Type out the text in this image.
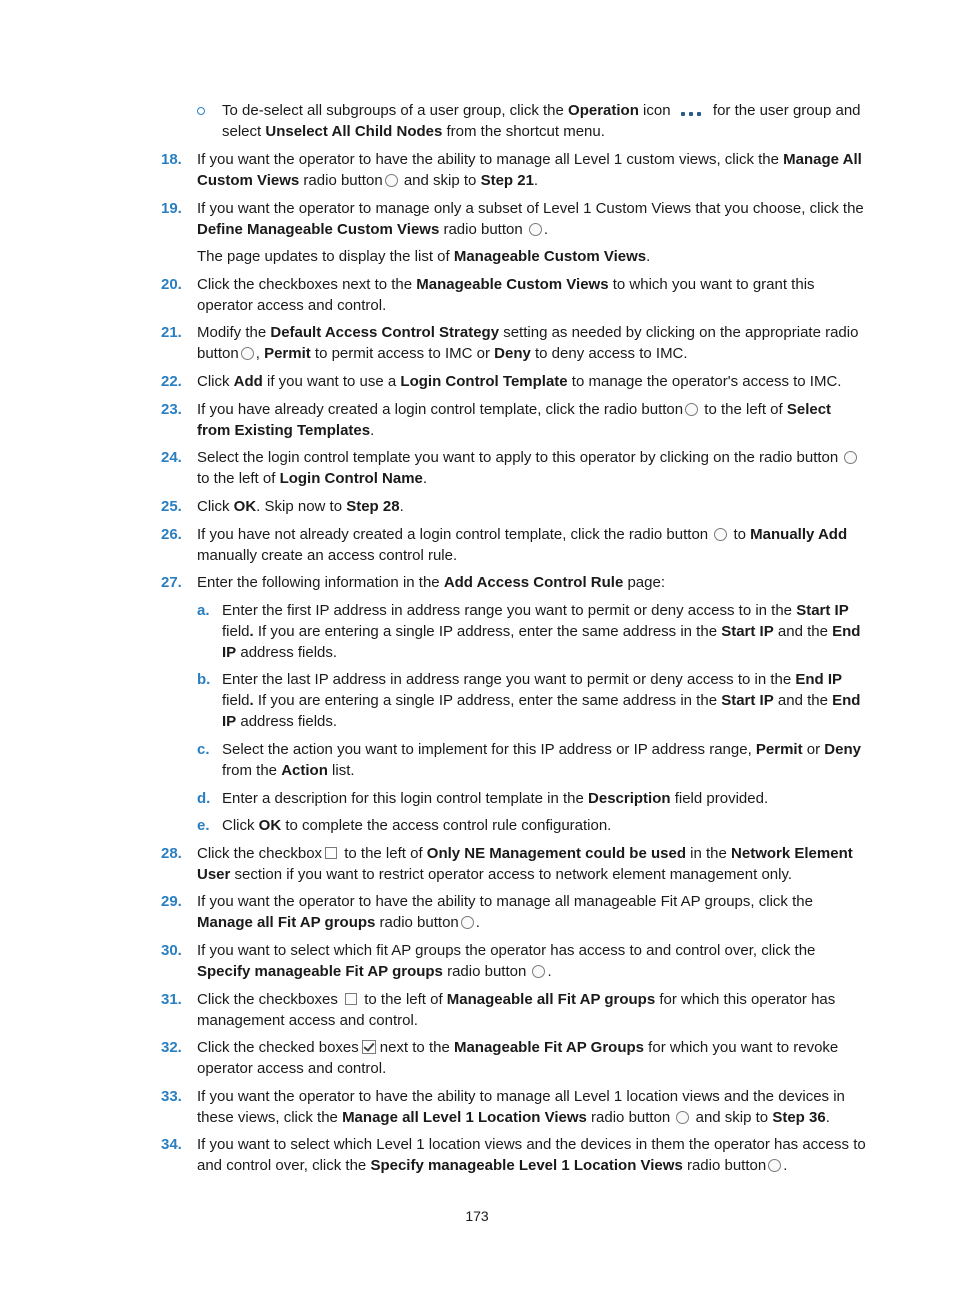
To de-select all subgroups of a user group, click the Operation icon
for the user group and select Unselect All Child Nodes from the shortcut menu.
18.	If you want the operator to have the ability to manage all Level 1 custom views, click the Manage All Custom Views radio button and skip to Step 21.
19.	If you want the operator to manage only a subset of Level 1 Custom Views that you choose, click the Define Manageable Custom Views radio button .
The page updates to display the list of Manageable Custom Views.
20.	Click the checkboxes next to the Manageable Custom Views to which you want to grant this operator access and control.
21.	Modify the Default Access Control Strategy setting as needed by clicking on the appropriate radio button , Permit to permit access to IMC or Deny to deny access to IMC.
22.	Click Add if you want to use a Login Control Template to manage the operator's access to IMC.
23.	If you have already created a login control template, click the radio button to the left of Select from Existing Templates.
24.	Select the login control template you want to apply to this operator by clicking on the radio button  to the left of Login Control Name.
25.	Click OK. Skip now to Step 28.
26.	If you have not already created a login control template, click the radio button  to Manually Add manually create an access control rule.
27.	Enter the following information in the Add Access Control Rule page:
a. Enter the first IP address in address range you want to permit or deny access to in the Start IP field. If you are entering a single IP address, enter the same address in the Start IP and the End IP address fields.
b. Enter the last IP address in address range you want to permit or deny access to in the End IP field. If you are entering a single IP address, enter the same address in the Start IP and the End IP address fields.
c. Select the action you want to implement for this IP address or IP address range, Permit or Deny from the Action list.
d. Enter a description for this login control template in the Description field provided.
e. Click OK to complete the access control rule configuration.
28.	Click the checkbox to the left of Only NE Management could be used in the Network Element User section if you want to restrict operator access to network element management only.
29.	If you want the operator to have the ability to manage all manageable Fit AP groups, click the Manage all Fit AP groups radio button .
30.	If you want to select which fit AP groups the operator has access to and control over, click the Specify manageable Fit AP groups radio button .
31.	Click the checkboxes  to the left of Manageable all Fit AP groups for which this operator has management access and control.
32.	Click the checked boxes next to the Manageable Fit AP Groups for which you want to revoke operator access and control.
33.	If you want the operator to have the ability to manage all Level 1 location views and the devices in these views, click the Manage all Level 1 Location Views radio button  and skip to Step 36.
34.	If you want to select which Level 1 location views and the devices in them the operator has access to and control over, click the Specify manageable Level 1 Location Views radio button .
173
